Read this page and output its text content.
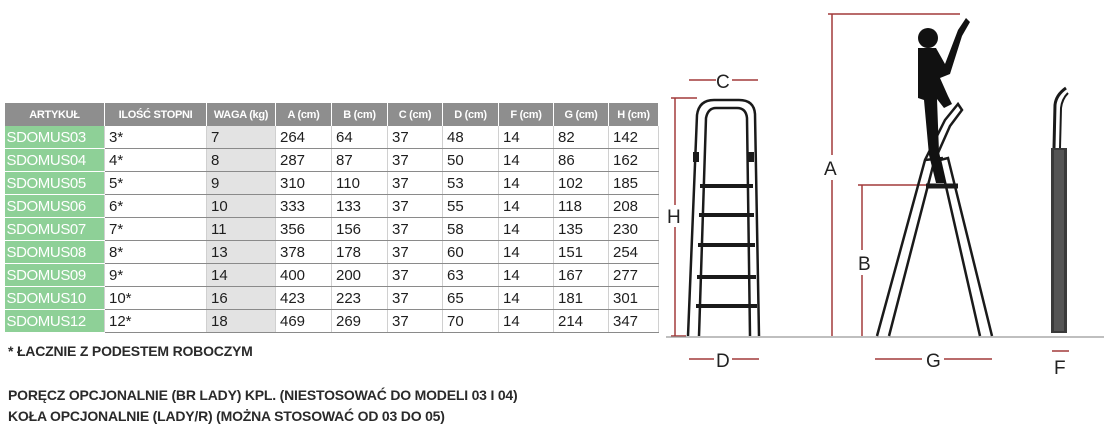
ARTYKUŁ	ILOŚĆ STOPNI	WAGA (kg)	A (cm)	B (cm)	C (cm)	D (cm)	F (cm)	G (cm)	H (cm)
SDOMUS03	3*	7	264	64	37	48	14	82	142
SDOMUS04	4*	8	287	87	37	50	14	86	162
SDOMUS05	5*	9	310	110	37	53	14	102	185
SDOMUS06	6*	10	333	133	37	55	14	118	208
SDOMUS07	7*	11	356	156	37	58	14	135	230
SDOMUS08	8*	13	378	178	37	60	14	151	254
SDOMUS09	9*	14	400	200	37	63	14	167	277
SDOMUS10	10*	16	423	223	37	65	14	181	301
SDOMUS12	12*	18	469	269	37	70	14	214	347
* ŁACZNIE Z PODESTEM ROBOCZYM
PORĘCZ OPCJONALNIE (BR LADY) KPL. (NIESTOSOWAĆ DO MODELI 03 I 04)
KOŁA OPCJONALNIE (LADY/R) (MOŻNA STOSOWAĆ OD 03 DO 05)
C
H
D
A
B
G	F
